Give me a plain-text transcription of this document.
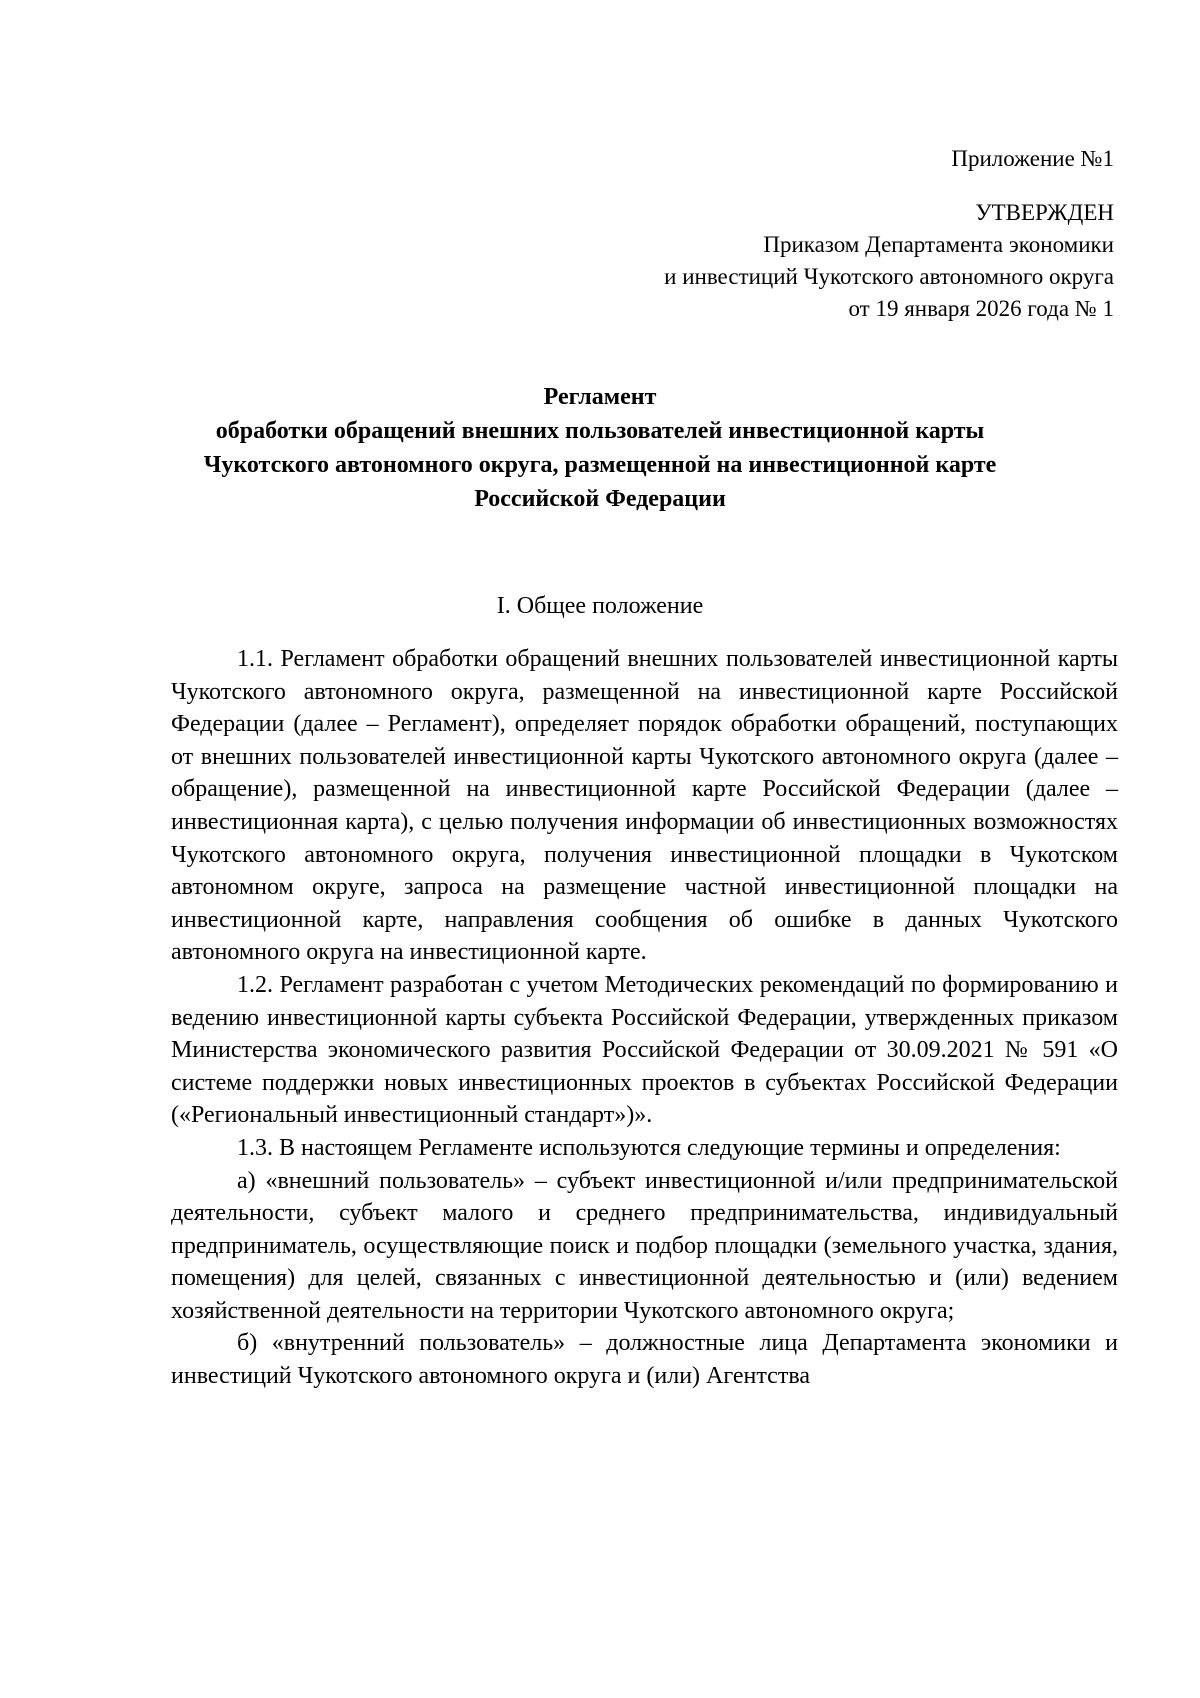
Приложение №1
УТВЕРЖДЕН
Приказом Департамента экономики
и инвестиций Чукотского автономного округа
от 19 января 2026 года № 1
Регламент
обработки обращений внешних пользователей инвестиционной карты
Чукотского автономного округа, размещенной на инвестиционной карте
Российской Федерации
I. Общее положение

1.1. Регламент обработки обращений внешних пользователей инвестиционной карты Чукотского автономного округа, размещенной на инвестиционной карте Российской Федерации (далее – Регламент), определяет порядок обработки обращений, поступающих от внешних пользователей инвестиционной карты Чукотского автономного округа (далее – обращение), размещенной на инвестиционной карте Российской Федерации (далее – инвестиционная карта), с целью получения информации об инвестиционных возможностях Чукотского автономного округа, получения инвестиционной площадки в Чукотском автономном округе, запроса на размещение частной инвестиционной площадки на инвестиционной карте, направления сообщения об ошибке в данных Чукотского автономного округа на инвестиционной карте.

1.2. Регламент разработан с учетом Методических рекомендаций по формированию и ведению инвестиционной карты субъекта Российской Федерации, утвержденных приказом Министерства экономического развития Российской Федерации от 30.09.2021 № 591 «О системе поддержки новых инвестиционных проектов в субъектах Российской Федерации («Региональный инвестиционный стандарт»)».

1.3. В настоящем Регламенте используются следующие термины и определения:

а) «внешний пользователь» – субъект инвестиционной и/или предпринимательской деятельности, субъект малого и среднего предпринимательства, индивидуальный предприниматель, осуществляющие поиск и подбор площадки (земельного участка, здания, помещения) для целей, связанных с инвестиционной деятельностью и (или) ведением хозяйственной деятельности на территории Чукотского автономного округа;

б) «внутренний пользователь» – должностные лица Департамента экономики и инвестиций Чукотского автономного округа и (или) Агентства
